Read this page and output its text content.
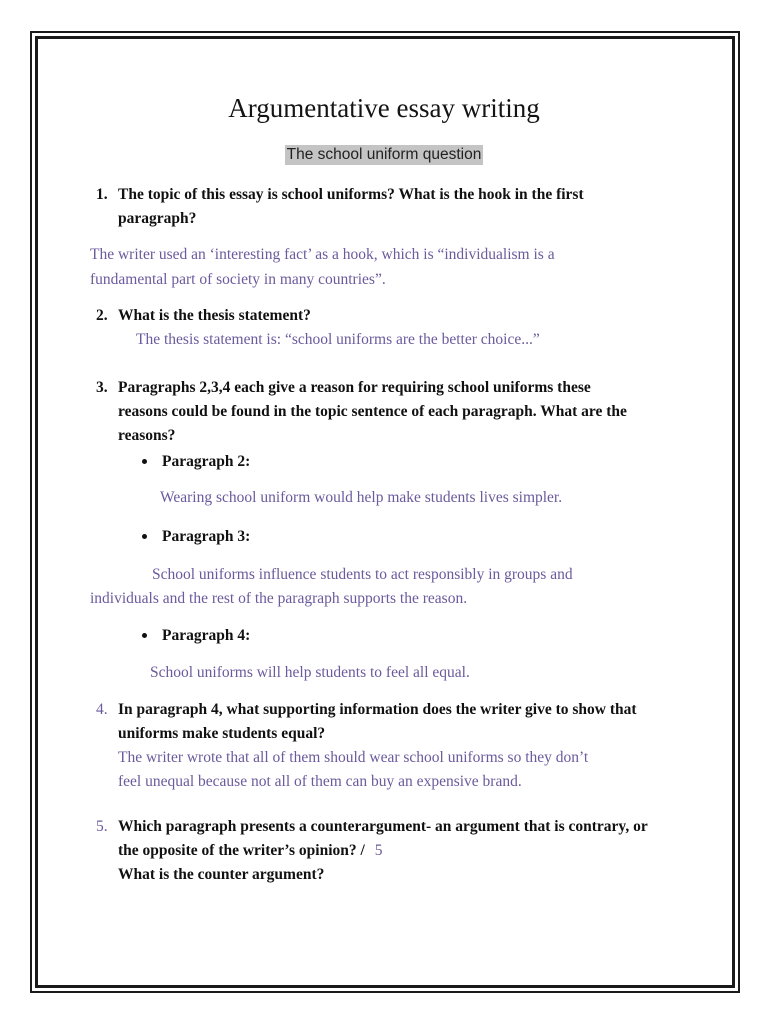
Argumentative essay writing
The school uniform question
1. The topic of this essay is school uniforms? What is the hook in the first
paragraph?
The writer used an ‘interesting fact’ as a hook, which is “individualism is a
fundamental part of society in many countries”.
2. What is the thesis statement?
The thesis statement is: “school uniforms are the better choice...”
3. Paragraphs 2,3,4 each give a reason for requiring school uniforms these
reasons could be found in the topic sentence of each paragraph. What are the
reasons?
Paragraph 2:
Wearing school uniform would help make students lives simpler.
Paragraph 3:
School uniforms influence students to act responsibly in groups and
individuals and the rest of the paragraph supports the reason.
Paragraph 4:
School uniforms will help students to feel all equal.
4. In paragraph 4, what supporting information does the writer give to show that
uniforms make students equal?
The writer wrote that all of them should wear school uniforms so they don’t
feel unequal because not all of them can buy an expensive brand.
5. Which paragraph presents a counterargument- an argument that is contrary, or
the opposite of the writer’s opinion? / 5
What is the counter argument?
